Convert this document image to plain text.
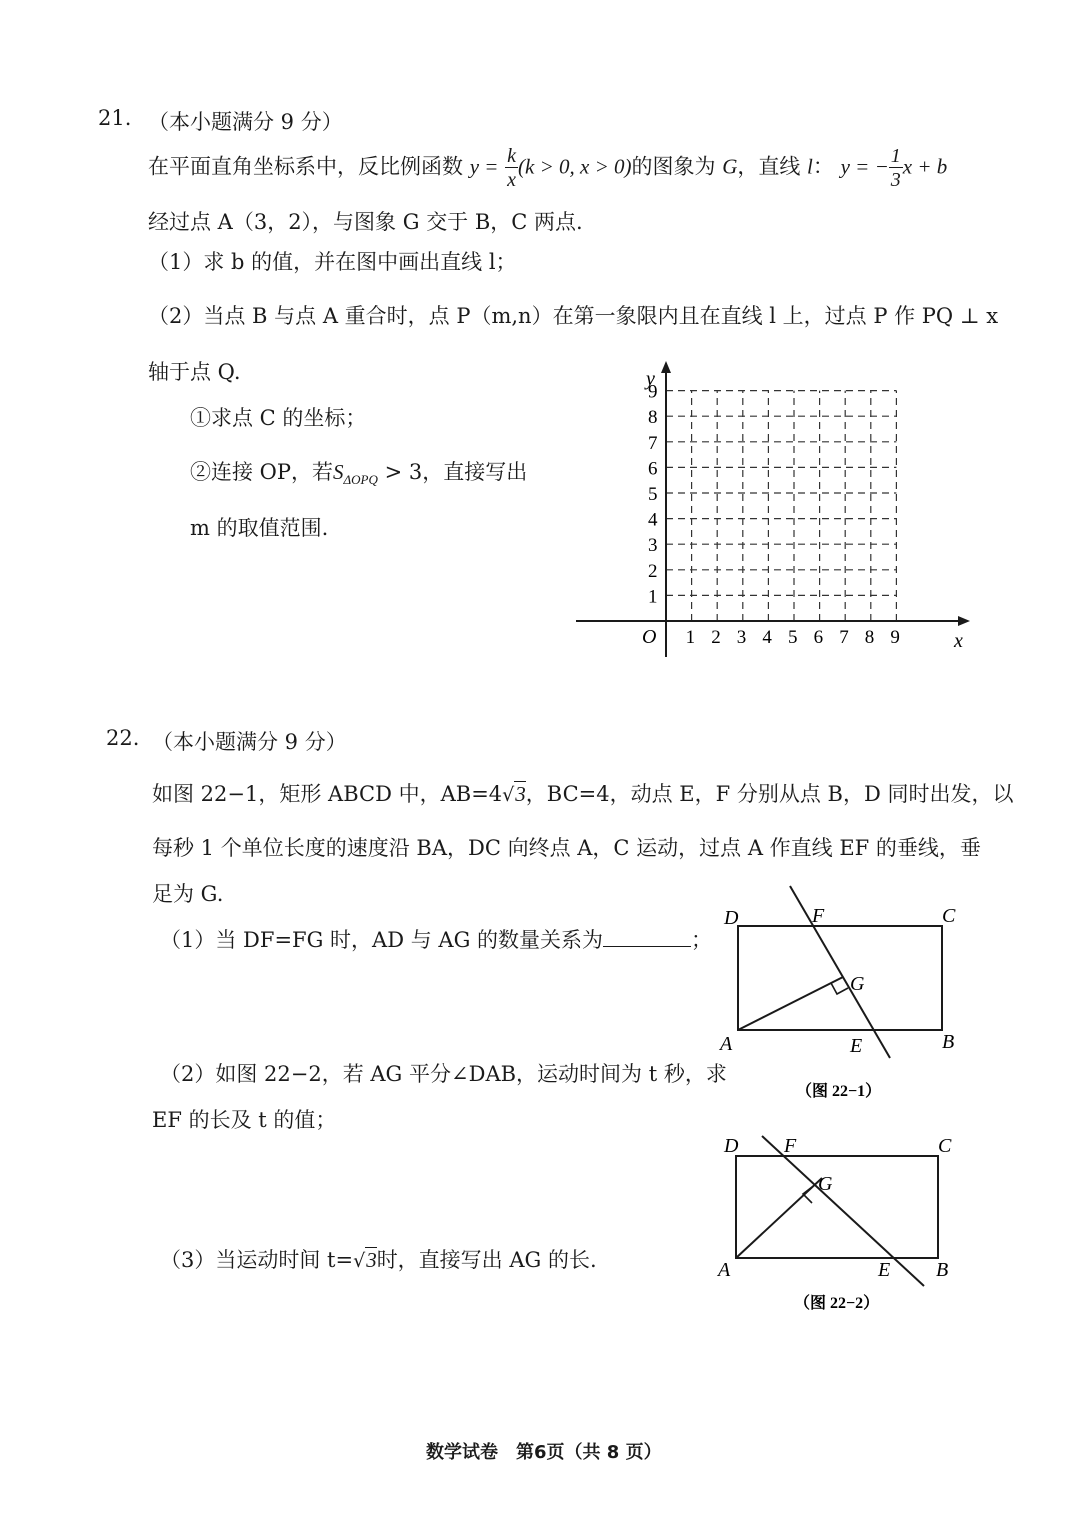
21. （本小题满分 9 分）
在平面直角坐标系中，反比例函数 $y = \frac{k}{x} (k > 0$, x > 0)的图象为 G，直线 l： y = − $\frac{1}{3}$ x + b
经过点 A（3，2），与图象 G 交于 B，C 两点.
（1）求 b 的值，并在图中画出直线 l；
（2）当点 B 与点 A 重合时，点 P（m,n）在第一象限内且在直线 l 上，过点 P 作 PQ ⊥ x
轴于点 Q.
①求点 C 的坐标；
②连接 OP，若$S_{\Delta OPQ} > 3$，直接写出
m 的取值范围.
y
x
O 1 2 3 4 5 6 7 8 9
1
2
3
4
5
6
7
8
9
22. （本小题满分 9 分）
如图 22−1，矩形 ABCD 中，AB=4√3，BC=4，动点 E，F 分别从点 B，D 同时出发，以
每秒 1 个单位长度的速度沿 BA，DC 向终点 A，C 运动，过点 A 作直线 EF 的垂线，垂
足为 G.
（1）当 DF=FG 时，AD 与 AG 的数量关系为	；
（2）如图 22−2，若 AG 平分∠DAB，运动时间为 t 秒，求
EF 的长及 t 的值；
（3）当运动时间 t=√3时，直接写出 AG 的长.
D	F	C
G
A	E	B
（图 22−1）
D F	C
G
A	E B
（图 22−2）
数学试卷　第6页（共 8 页）
